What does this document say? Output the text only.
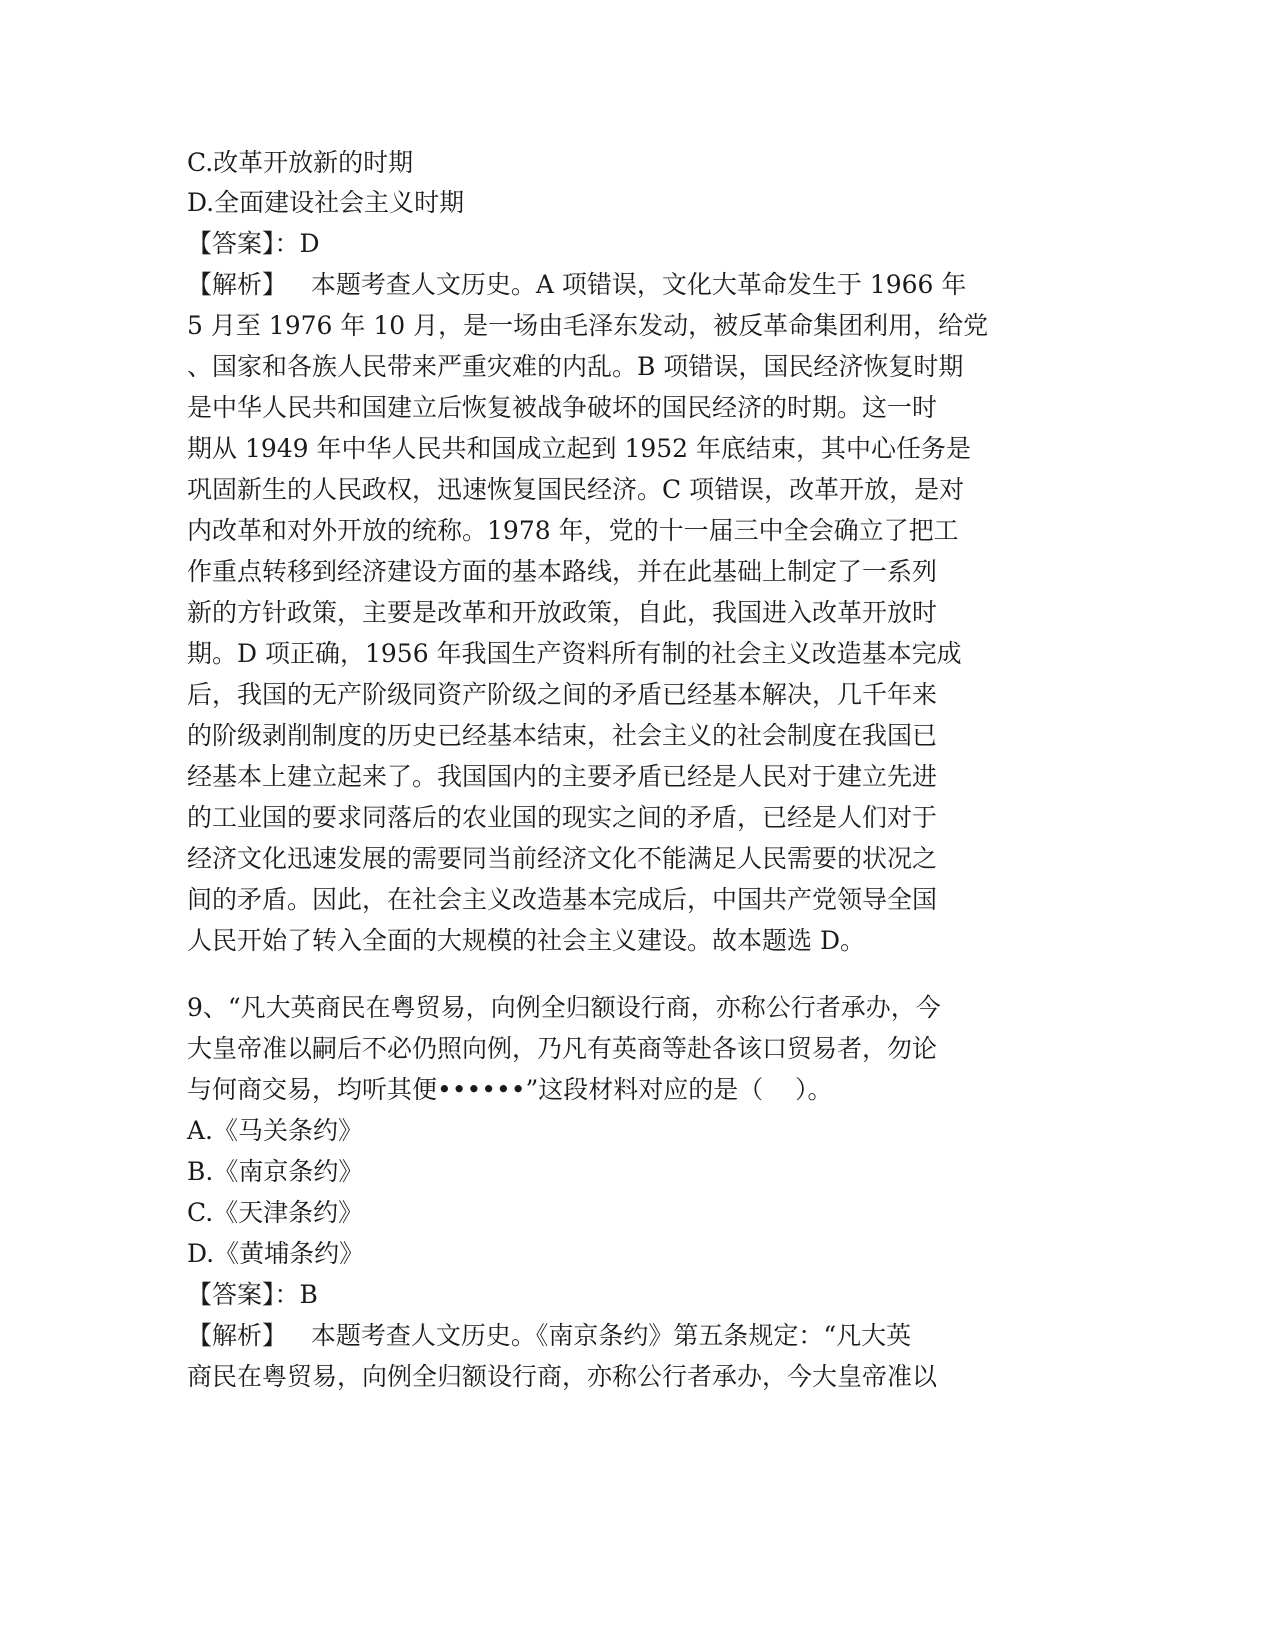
C.改革开放新的时期
D.全面建设社会主义时期
【答案】：D
【解析】   本题考查人文历史。A 项错误，文化大革命发生于 1966 年
5 月至 1976 年 10 月，是一场由毛泽东发动，被反革命集团利用，给党
、国家和各族人民带来严重灾难的内乱。B 项错误，国民经济恢复时期
是中华人民共和国建立后恢复被战争破坏的国民经济的时期。这一时
期从 1949 年中华人民共和国成立起到 1952 年底结束，其中心任务是
巩固新生的人民政权，迅速恢复国民经济。C 项错误，改革开放，是对
内改革和对外开放的统称。1978 年，党的十一届三中全会确立了把工
作重点转移到经济建设方面的基本路线，并在此基础上制定了一系列
新的方针政策，主要是改革和开放政策，自此，我国进入改革开放时
期。D 项正确，1956 年我国生产资料所有制的社会主义改造基本完成
后，我国的无产阶级同资产阶级之间的矛盾已经基本解决，几千年来
的阶级剥削制度的历史已经基本结束，社会主义的社会制度在我国已
经基本上建立起来了。我国国内的主要矛盾已经是人民对于建立先进
的工业国的要求同落后的农业国的现实之间的矛盾，已经是人们对于
经济文化迅速发展的需要同当前经济文化不能满足人民需要的状况之
间的矛盾。因此，在社会主义改造基本完成后，中国共产党领导全国
人民开始了转入全面的大规模的社会主义建设。故本题选 D。
9、“凡大英商民在粤贸易，向例全归额设行商，亦称公行者承办，今
大皇帝准以嗣后不必仍照向例，乃凡有英商等赴各该口贸易者，勿论
与何商交易，均听其便••••••”这段材料对应的是（    ）。
A.《马关条约》
B.《南京条约》
C.《天津条约》
D.《黄埔条约》
【答案】：B
【解析】   本题考查人文历史。《南京条约》第五条规定：“凡大英
商民在粤贸易，向例全归额设行商，亦称公行者承办，今大皇帝准以
